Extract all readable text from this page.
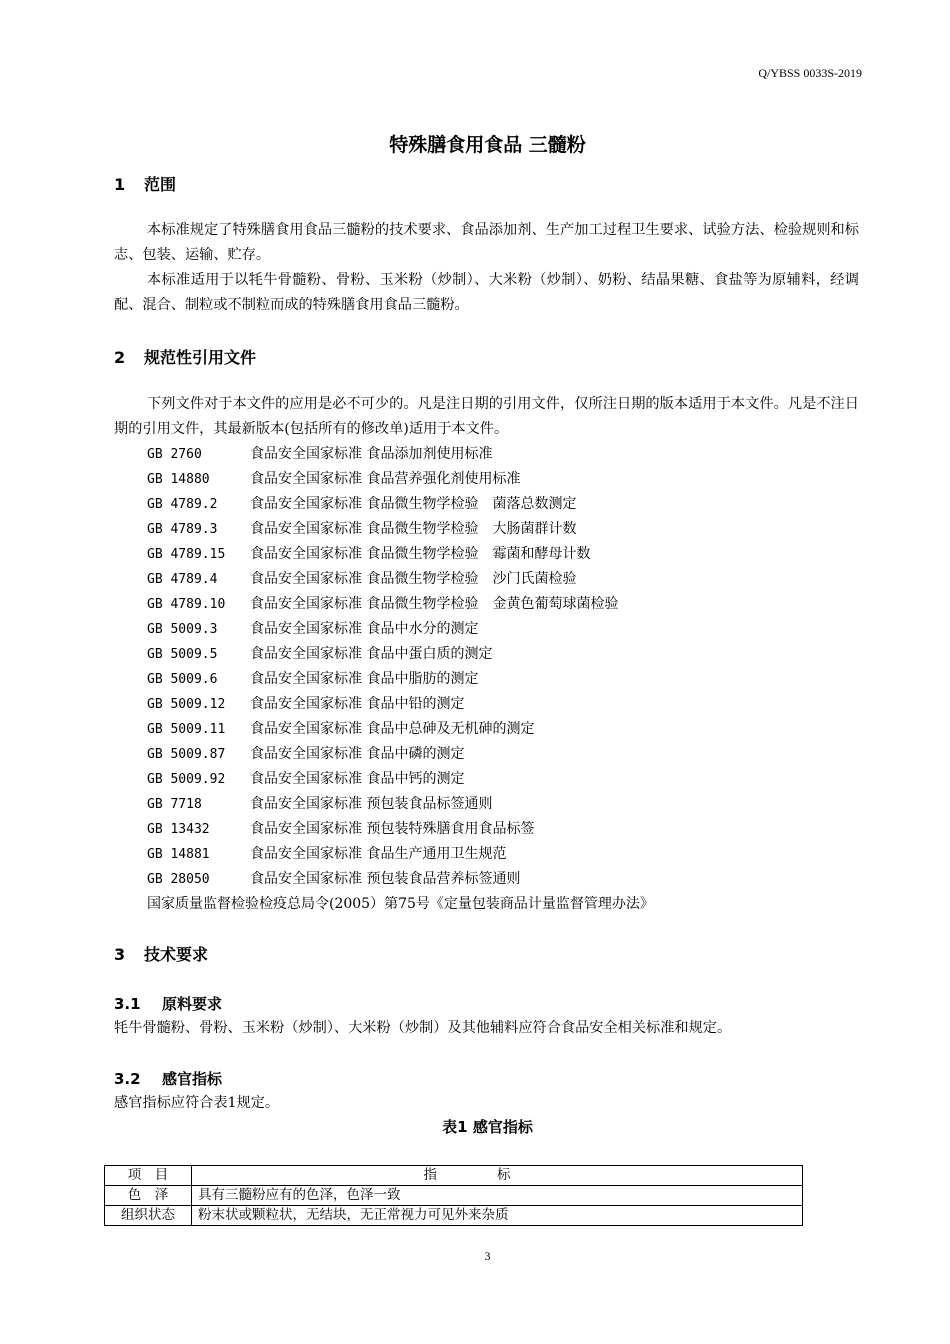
Q/YBSS 0033S-2019
特殊膳食用食品 三髓粉
1 范围
本标准规定了特殊膳食用食品三髓粉的技术要求、食品添加剂、生产加工过程卫生要求、试验方法、检验规则和标志、包装、运输、贮存。
本标准适用于以牦牛骨髓粉、骨粉、玉米粉（炒制）、大米粉（炒制）、奶粉、结晶果糖、食盐等为原辅料，经调配、混合、制粒或不制粒而成的特殊膳食用食品三髓粉。
2 规范性引用文件
下列文件对于本文件的应用是必不可少的。凡是注日期的引用文件，仅所注日期的版本适用于本文件。凡是不注日期的引用文件，其最新版本(包括所有的修改单)适用于本文件。
GB 2760	食品安全国家标准 食品添加剂使用标准
GB 14880	食品安全国家标准 食品营养强化剂使用标准
GB 4789.2 食品安全国家标准 食品微生物学检验　菌落总数测定
GB 4789.3 食品安全国家标准 食品微生物学检验　大肠菌群计数
GB 4789.15 食品安全国家标准 食品微生物学检验　霉菌和酵母计数
GB 4789.4 食品安全国家标准 食品微生物学检验　沙门氏菌检验
GB 4789.10 食品安全国家标准 食品微生物学检验　金黄色葡萄球菌检验
GB 5009.3 食品安全国家标准 食品中水分的测定
GB 5009.5 食品安全国家标准 食品中蛋白质的测定
GB 5009.6 食品安全国家标准 食品中脂肪的测定
GB 5009.12 食品安全国家标准 食品中铅的测定
GB 5009.11 食品安全国家标准 食品中总砷及无机砷的测定
GB 5009.87 食品安全国家标准 食品中磷的测定
GB 5009.92 食品安全国家标准 食品中钙的测定
GB 7718	食品安全国家标准 预包装食品标签通则
GB 13432	食品安全国家标准 预包装特殊膳食用食品标签
GB 14881	食品安全国家标准 食品生产通用卫生规范
GB 28050	食品安全国家标准 预包装食品营养标签通则
国家质量监督检验检疫总局令(2005）第75号《定量包装商品计量监督管理办法》
3 技术要求
3.1 原料要求
牦牛骨髓粉、骨粉、玉米粉（炒制）、大米粉（炒制）及其他辅料应符合食品安全相关标准和规定。
3.2 感官指标
感官指标应符合表1规定。
表1 感官指标
项　目	指标
色　泽	具有三髓粉应有的色泽，色泽一致
组织状态	粉末状或颗粒状，无结块，无正常视力可见外来杂质
3
